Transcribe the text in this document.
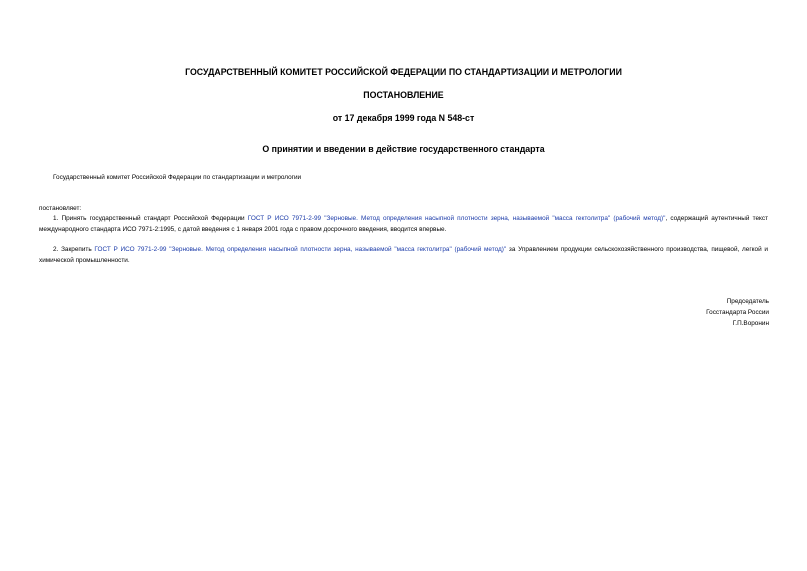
ГОСУДАРСТВЕННЫЙ КОМИТЕТ РОССИЙСКОЙ ФЕДЕРАЦИИ ПО СТАНДАРТИЗАЦИИ И МЕТРОЛОГИИ
ПОСТАНОВЛЕНИЕ
от 17 декабря 1999 года N 548-ст
О принятии и введении в действие государственного стандарта
Государственный комитет Российской Федерации по стандартизации и метрологии
постановляет:
1. Принять государственный стандарт Российской Федерации ГОСТ Р ИСО 7971-2-99 "Зерновые. Метод определения насыпной плотности зерна, называемой "масса гектолитра" (рабочий метод)", содержащий аутентичный текст международного стандарта ИСО 7971-2:1995, с датой введения с 1 января 2001 года с правом досрочного введения, вводится впервые.
2. Закрепить ГОСТ Р ИСО 7971-2-99 "Зерновые. Метод определения насыпной плотности зерна, называемой "масса гектолитра" (рабочий метод)" за Управлением продукции сельскохозяйственного производства, пищевой, легкой и химической промышленности.
Председатель
Госстандарта России
Г.П.Воронин
